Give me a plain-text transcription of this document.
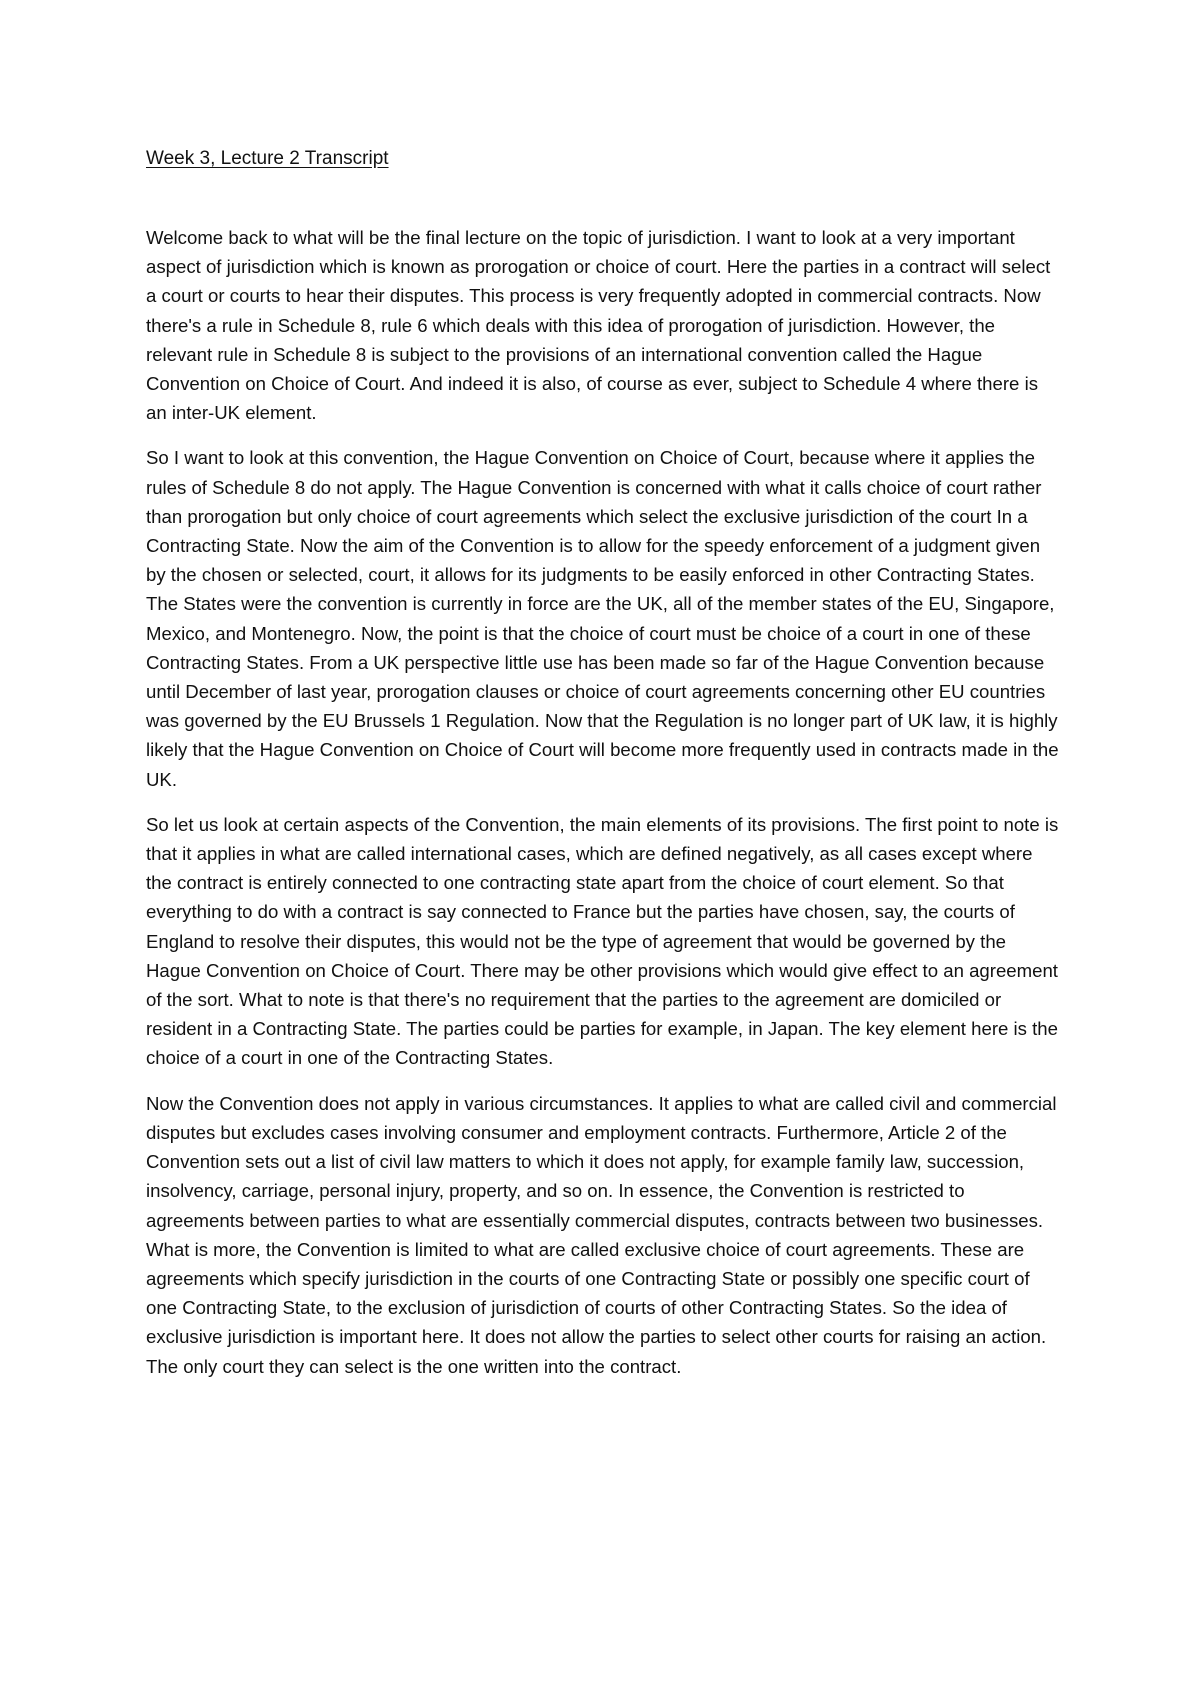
Week 3, Lecture 2 Transcript

Welcome back to what will be the final lecture on the topic of jurisdiction. I want to look at a very important aspect of jurisdiction which is known as prorogation or choice of court. Here the parties in a contract will select a court or courts to hear their disputes. This process is very frequently adopted in commercial contracts. Now there's a rule in Schedule 8, rule 6 which deals with this idea of prorogation of jurisdiction. However, the relevant rule in Schedule 8 is subject to the provisions of an international convention called the Hague Convention on Choice of Court. And indeed it is also, of course as ever, subject to Schedule 4 where there is an inter-UK element.

So I want to look at this convention, the Hague Convention on Choice of Court, because where it applies the rules of Schedule 8 do not apply. The Hague Convention is concerned with what it calls choice of court rather than prorogation but only choice of court agreements which select the exclusive jurisdiction of the court In a Contracting State. Now the aim of the Convention is to allow for the speedy enforcement of a judgment given by the chosen or selected, court, it allows for its judgments to be easily enforced in other Contracting States. The States were the convention is currently in force are the UK, all of the member states of the EU, Singapore, Mexico, and Montenegro. Now, the point is that the choice of court must be choice of a court in one of these Contracting States. From a UK perspective little use has been made so far of the Hague Convention because until December of last year, prorogation clauses or choice of court agreements concerning other EU countries was governed by the EU Brussels 1 Regulation. Now that the Regulation is no longer part of UK law, it is highly likely that the Hague Convention on Choice of Court will become more frequently used in contracts made in the UK.

So let us look at certain aspects of the Convention, the main elements of its provisions. The first point to note is that it applies in what are called international cases, which are defined negatively, as all cases except where the contract is entirely connected to one contracting state apart from the choice of court element. So that everything to do with a contract is say connected to France but the parties have chosen, say, the courts of England to resolve their disputes, this would not be the type of agreement that would be governed by the Hague Convention on Choice of Court. There may be other provisions which would give effect to an agreement of the sort. What to note is that there's no requirement that the parties to the agreement are domiciled or resident in a Contracting State. The parties could be parties for example, in Japan. The key element here is the choice of a court in one of the Contracting States.

Now the Convention does not apply in various circumstances. It applies to what are called civil and commercial disputes but excludes cases involving consumer and employment contracts. Furthermore, Article 2 of the Convention sets out a list of civil law matters to which it does not apply, for example family law, succession, insolvency, carriage, personal injury, property, and so on. In essence, the Convention is restricted to agreements between parties to what are essentially commercial disputes, contracts between two businesses. What is more, the Convention is limited to what are called exclusive choice of court agreements. These are agreements which specify jurisdiction in the courts of one Contracting State or possibly one specific court of one Contracting State, to the exclusion of jurisdiction of courts of other Contracting States. So the idea of exclusive jurisdiction is important here. It does not allow the parties to select other courts for raising an action. The only court they can select is the one written into the contract.
